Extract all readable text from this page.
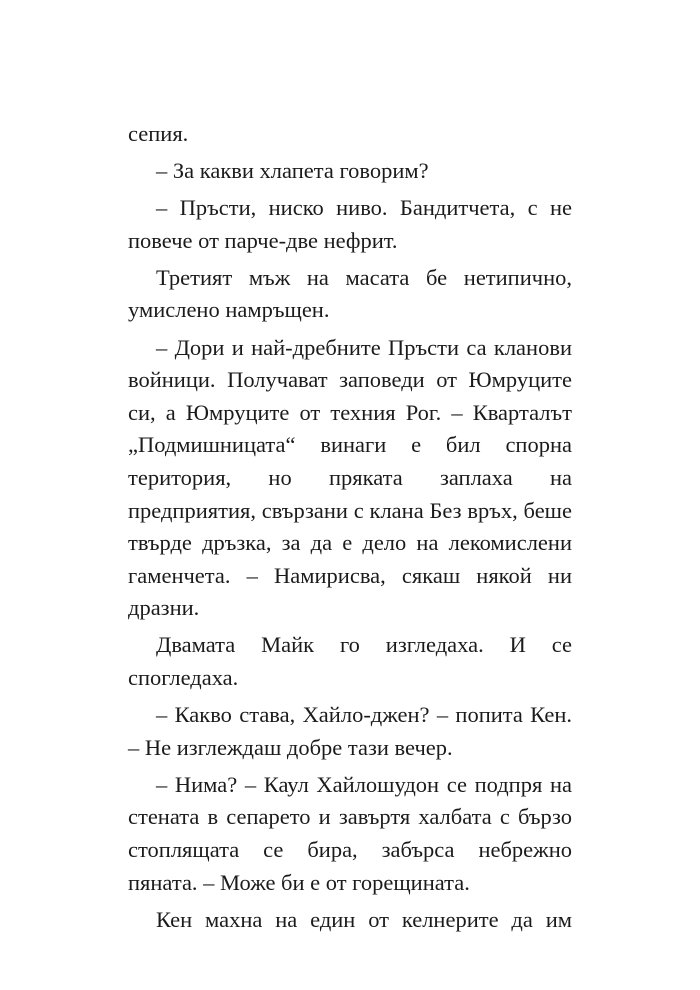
сепия.

– За какви хлапета говорим?

– Пръсти, ниско ниво. Бандитчета, с не повече от парче-две нефрит.

Третият мъж на масата бе нетипично, умислено намръщен.

– Дори и най-дребните Пръсти са кланови войници. Получават заповеди от Юмруците си, а Юмруците от техния Рог. – Кварталът „Подмишницата“ винаги е бил спорна територия, но пряката заплаха на предприятия, свързани с клана Без връх, беше твърде дръзка, за да е дело на лекомислени гаменчета. – Намирисва, сякаш някой ни дразни.

Двамата Майк го изгледаха. И се спогледаха.

– Какво става, Хайло-джен? – попита Кен. – Не изглеждаш добре тази вечер.

– Нима? – Каул Хайлошудон се подпря на стената в сепарето и завъртя халбата с бързо стоплящата се бира, забърса небрежно пяната. – Може би е от горещината.

Кен махна на един от келнерите да им
